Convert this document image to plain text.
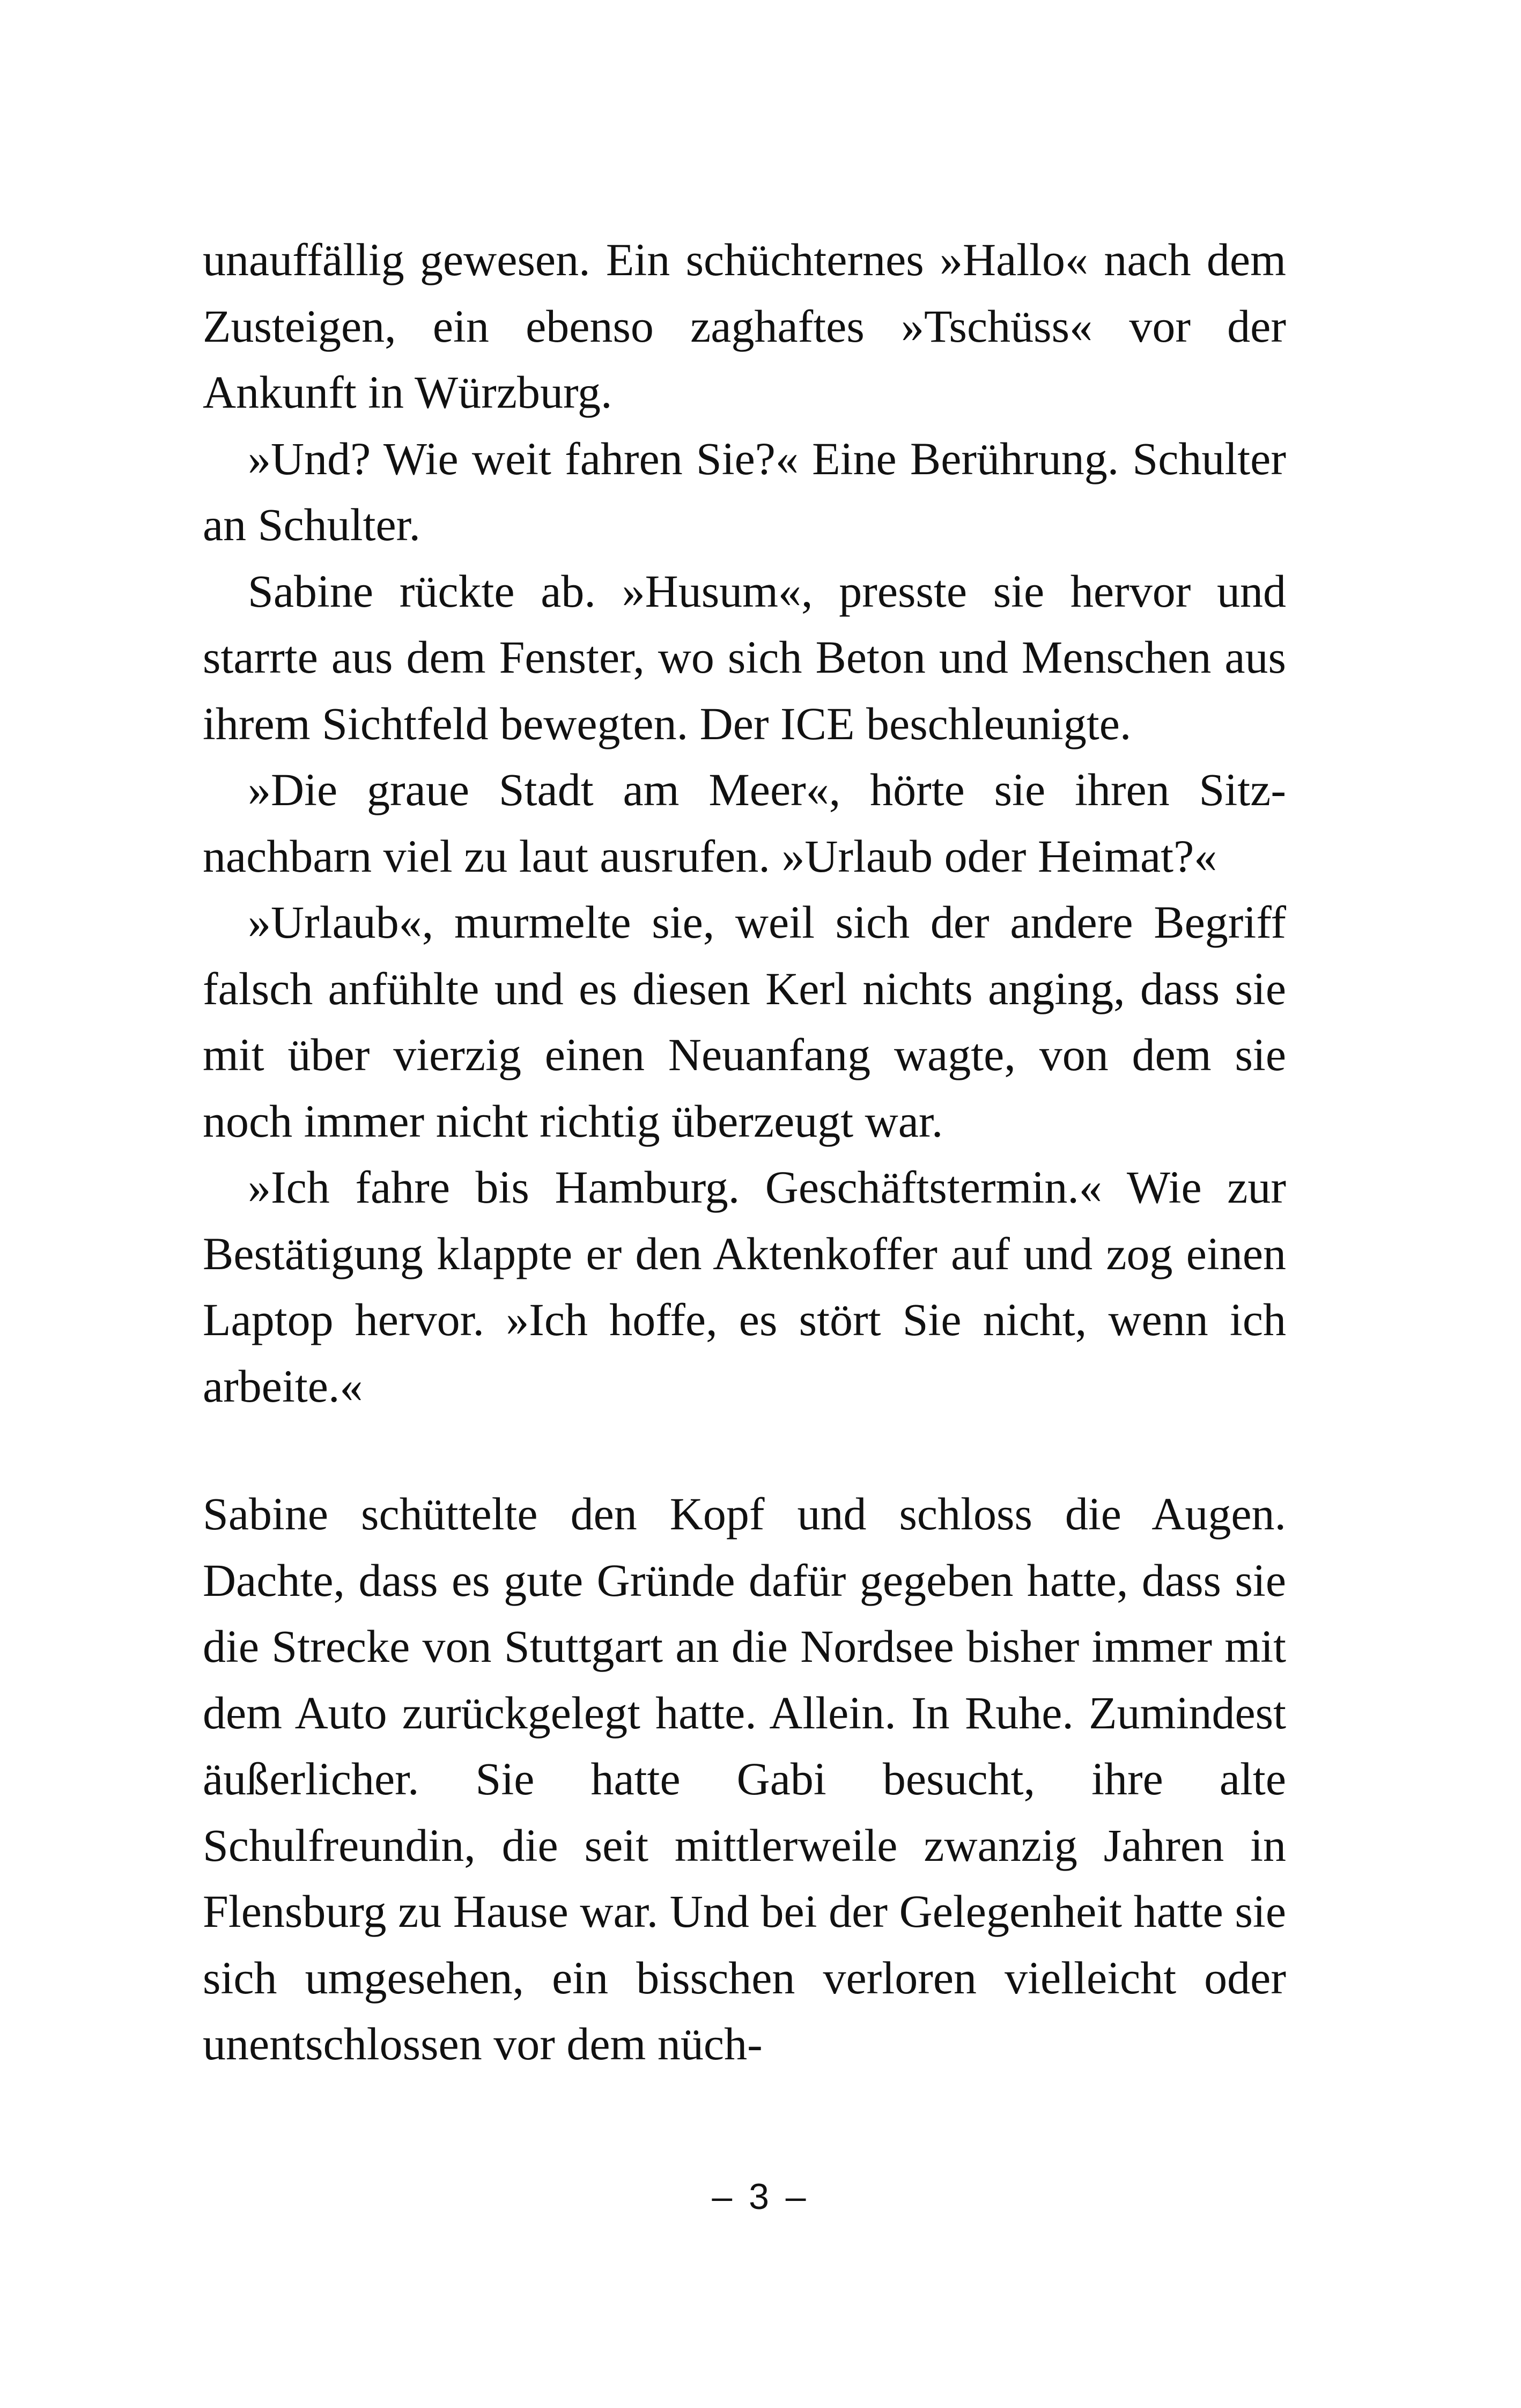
unauffällig gewesen. Ein schüchternes »Hallo« nach dem Zusteigen, ein ebenso zaghaftes »Tschüss« vor der Ankunft in Würzburg.

»Und? Wie weit fahren Sie?« Eine Berührung. Schulter an Schulter.

Sabine rückte ab. »Husum«, presste sie hervor und starrte aus dem Fenster, wo sich Beton und Menschen aus ihrem Sichtfeld bewegten. Der ICE beschleunigte.

»Die graue Stadt am Meer«, hörte sie ihren Sitznachbarn viel zu laut ausrufen. »Urlaub oder Heimat?«

»Urlaub«, murmelte sie, weil sich der andere Begriff falsch anfühlte und es diesen Kerl nichts anging, dass sie mit über vierzig einen Neuanfang wagte, von dem sie noch immer nicht richtig überzeugt war.

»Ich fahre bis Hamburg. Geschäftstermin.« Wie zur Bestätigung klappte er den Aktenkoffer auf und zog einen Laptop hervor. »Ich hoffe, es stört Sie nicht, wenn ich arbeite.«

Sabine schüttelte den Kopf und schloss die Augen. Dachte, dass es gute Gründe dafür gegeben hatte, dass sie die Strecke von Stuttgart an die Nordsee bisher immer mit dem Auto zurückgelegt hatte. Allein. In Ruhe. Zumindest äußerlicher. Sie hatte Gabi besucht, ihre alte Schulfreundin, die seit mittlerweile zwanzig Jahren in Flensburg zu Hause war. Und bei der Gelegenheit hatte sie sich umgesehen, ein bisschen verloren vielleicht oder unentschlossen vor dem nüch-

– 3 –
